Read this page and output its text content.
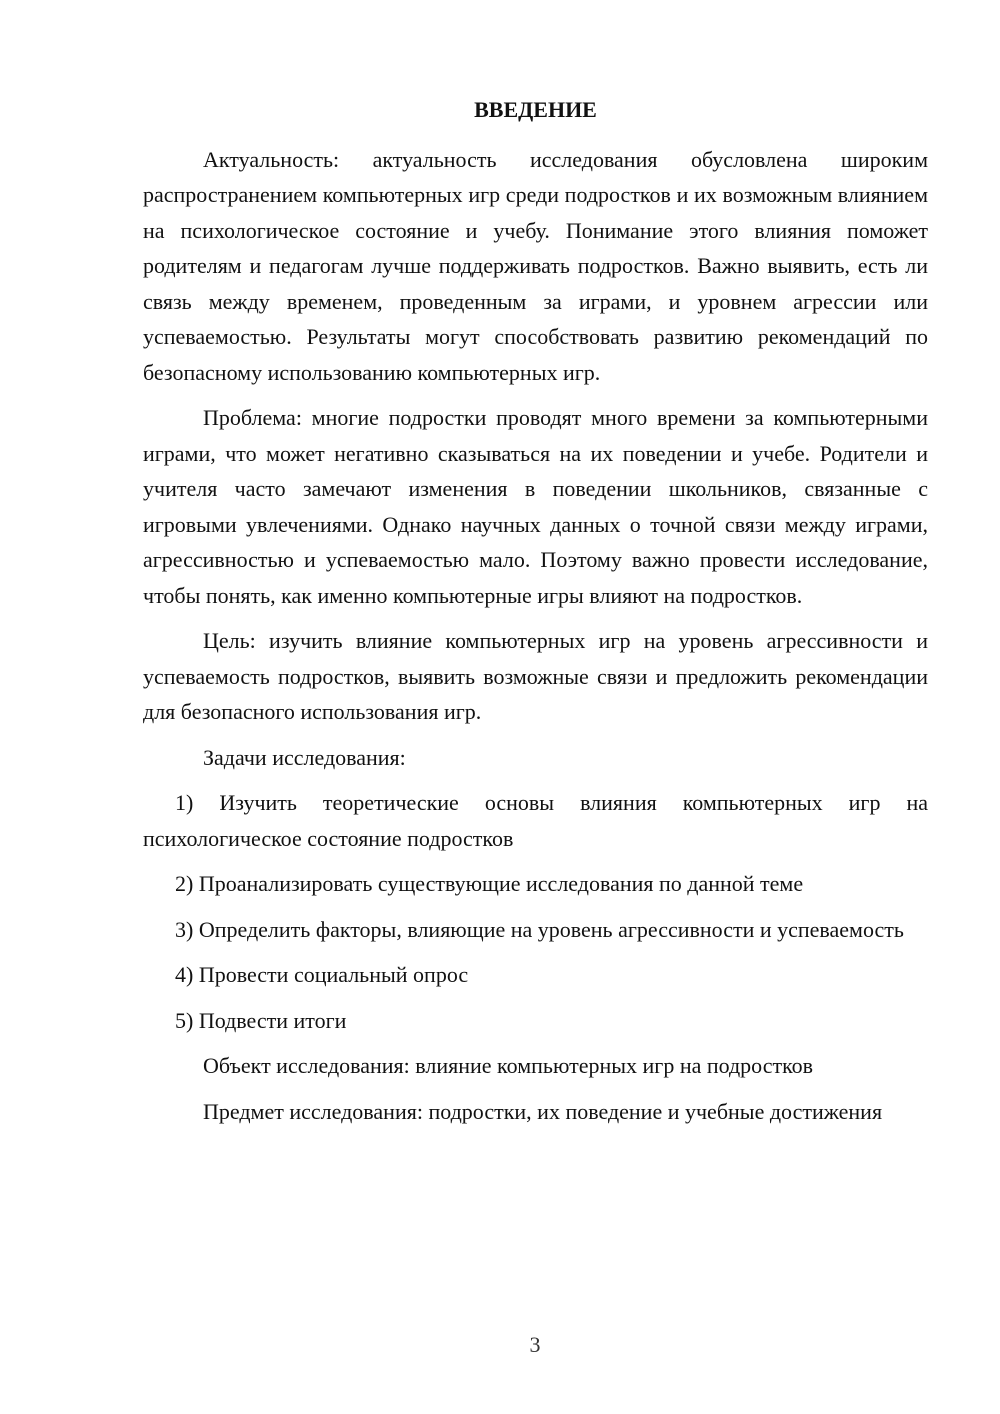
ВВЕДЕНИЕ

Актуальность: актуальность исследования обусловлена широким распространением компьютерных игр среди подростков и их возможным влиянием на психологическое состояние и учебу. Понимание этого влияния поможет родителям и педагогам лучше поддерживать подростков. Важно выявить, есть ли связь между временем, проведенным за играми, и уровнем агрессии или успеваемостью. Результаты могут способствовать развитию рекомендаций по безопасному использованию компьютерных игр.

Проблема: многие подростки проводят много времени за компьютерными играми, что может негативно сказываться на их поведении и учебе. Родители и учителя часто замечают изменения в поведении школьников, связанные с игровыми увлечениями. Однако научных данных о точной связи между играми, агрессивностью и успеваемостью мало. Поэтому важно провести исследование, чтобы понять, как именно компьютерные игры влияют на подростков.

Цель: изучить влияние компьютерных игр на уровень агрессивности и успеваемость подростков, выявить возможные связи и предложить рекомендации для безопасного использования игр.

Задачи исследования:

1) Изучить теоретические основы влияния компьютерных игр на психологическое состояние подростков

2) Проанализировать существующие исследования по данной теме

3) Определить факторы, влияющие на уровень агрессивности и успеваемость

4) Провести социальный опрос

5) Подвести итоги

Объект исследования: влияние компьютерных игр на подростков

Предмет исследования: подростки, их поведение и учебные достижения

3
